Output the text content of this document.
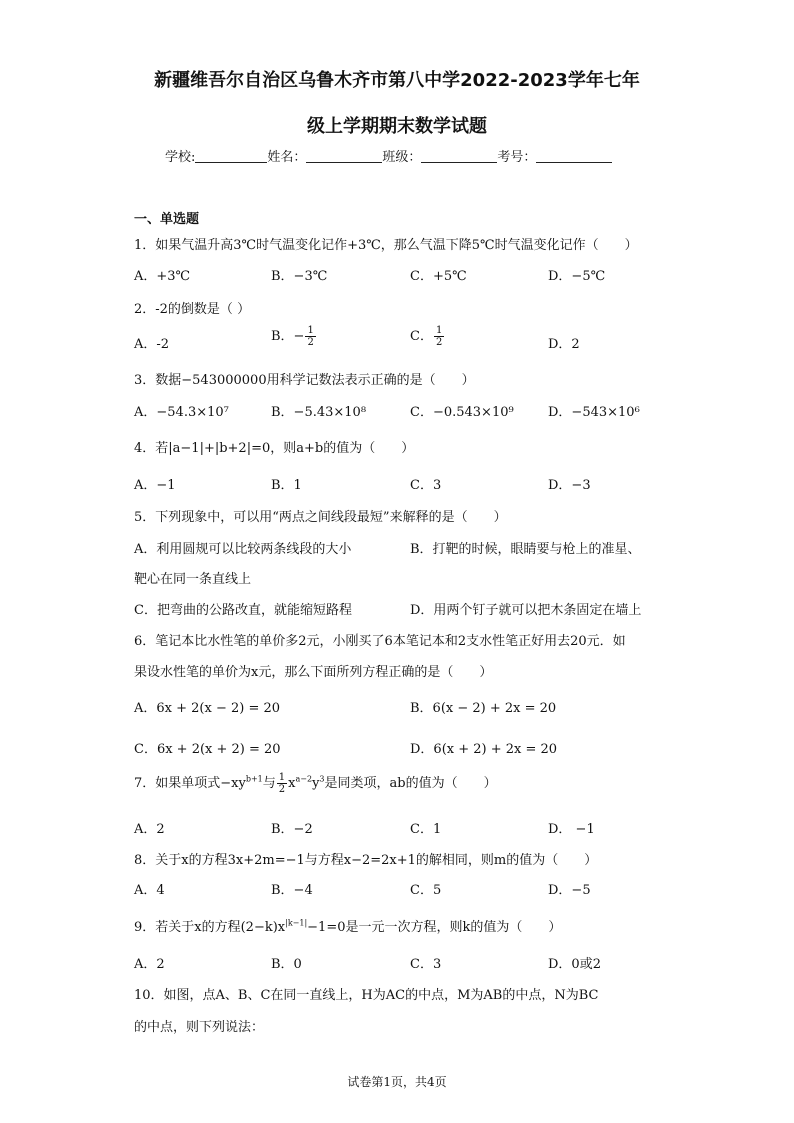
新疆维吾尔自治区乌鲁木齐市第八中学2022-2023学年七年
级上学期期末数学试题
学校:	姓名：	班级：	考号：
一、单选题
1．如果气温升高3℃时气温变化记作+3℃，那么气温下降5℃时气温变化记作（　　）
A．+3℃	B．−3℃	C．+5℃	D．−5℃
2．-2的倒数是（ ）
A．-2
B．− $\frac{1}{2}$	C． $\frac{1}{2}$	D．2
3．数据−543000000用科学记数法表示正确的是（　　）
A．−54.3×10⁷	B．−5.43×10⁸	C．−0.543×10⁹	D．−543×10⁶
4．若|a−1|+|b+2|=0，则a+b的值为（　　）
A．−1	B．1	C．3	D．−3
5．下列现象中，可以用“两点之间线段最短”来解释的是（　　）
A．利用圆规可以比较两条线段的大小	B．打靶的时候，眼睛要与枪上的准星、
靶心在同一条直线上
C．把弯曲的公路改直，就能缩短路程	D．用两个钉子就可以把木条固定在墙上
6．笔记本比水性笔的单价多2元，小刚买了6本笔记本和2支水性笔正好用去20元．如
果设水性笔的单价为x元，那么下面所列方程正确的是（　　）
A．6x + 2(x − 2) = 20	B．6(x − 2) + 2x = 20
C．6x + 2(x + 2) = 20	D．6(x + 2) + 2x = 20
7．如果单项式$-xy^{b+1}$与 $\frac{1}{2} x^{a-2}y^3$是同类项，ab的值为（　　）
A．2	B．−2	C．1	D． −1
8．关于x的方程3x+2m=−1与方程x−2=2x+1的解相同，则m的值为（　　）
A．4	B．−4	C．5	D．−5
9．若关于x的方程$(2-k)x^{|k-1|}-1=0$是一元一次方程，则k的值为（　　）
A．2	B．0	C．3	D．0或2
10．如图，点A、B、C在同一直线上，H为AC的中点，M为AB的中点，N为BC
的中点，则下列说法：
试卷第1页，共4页
